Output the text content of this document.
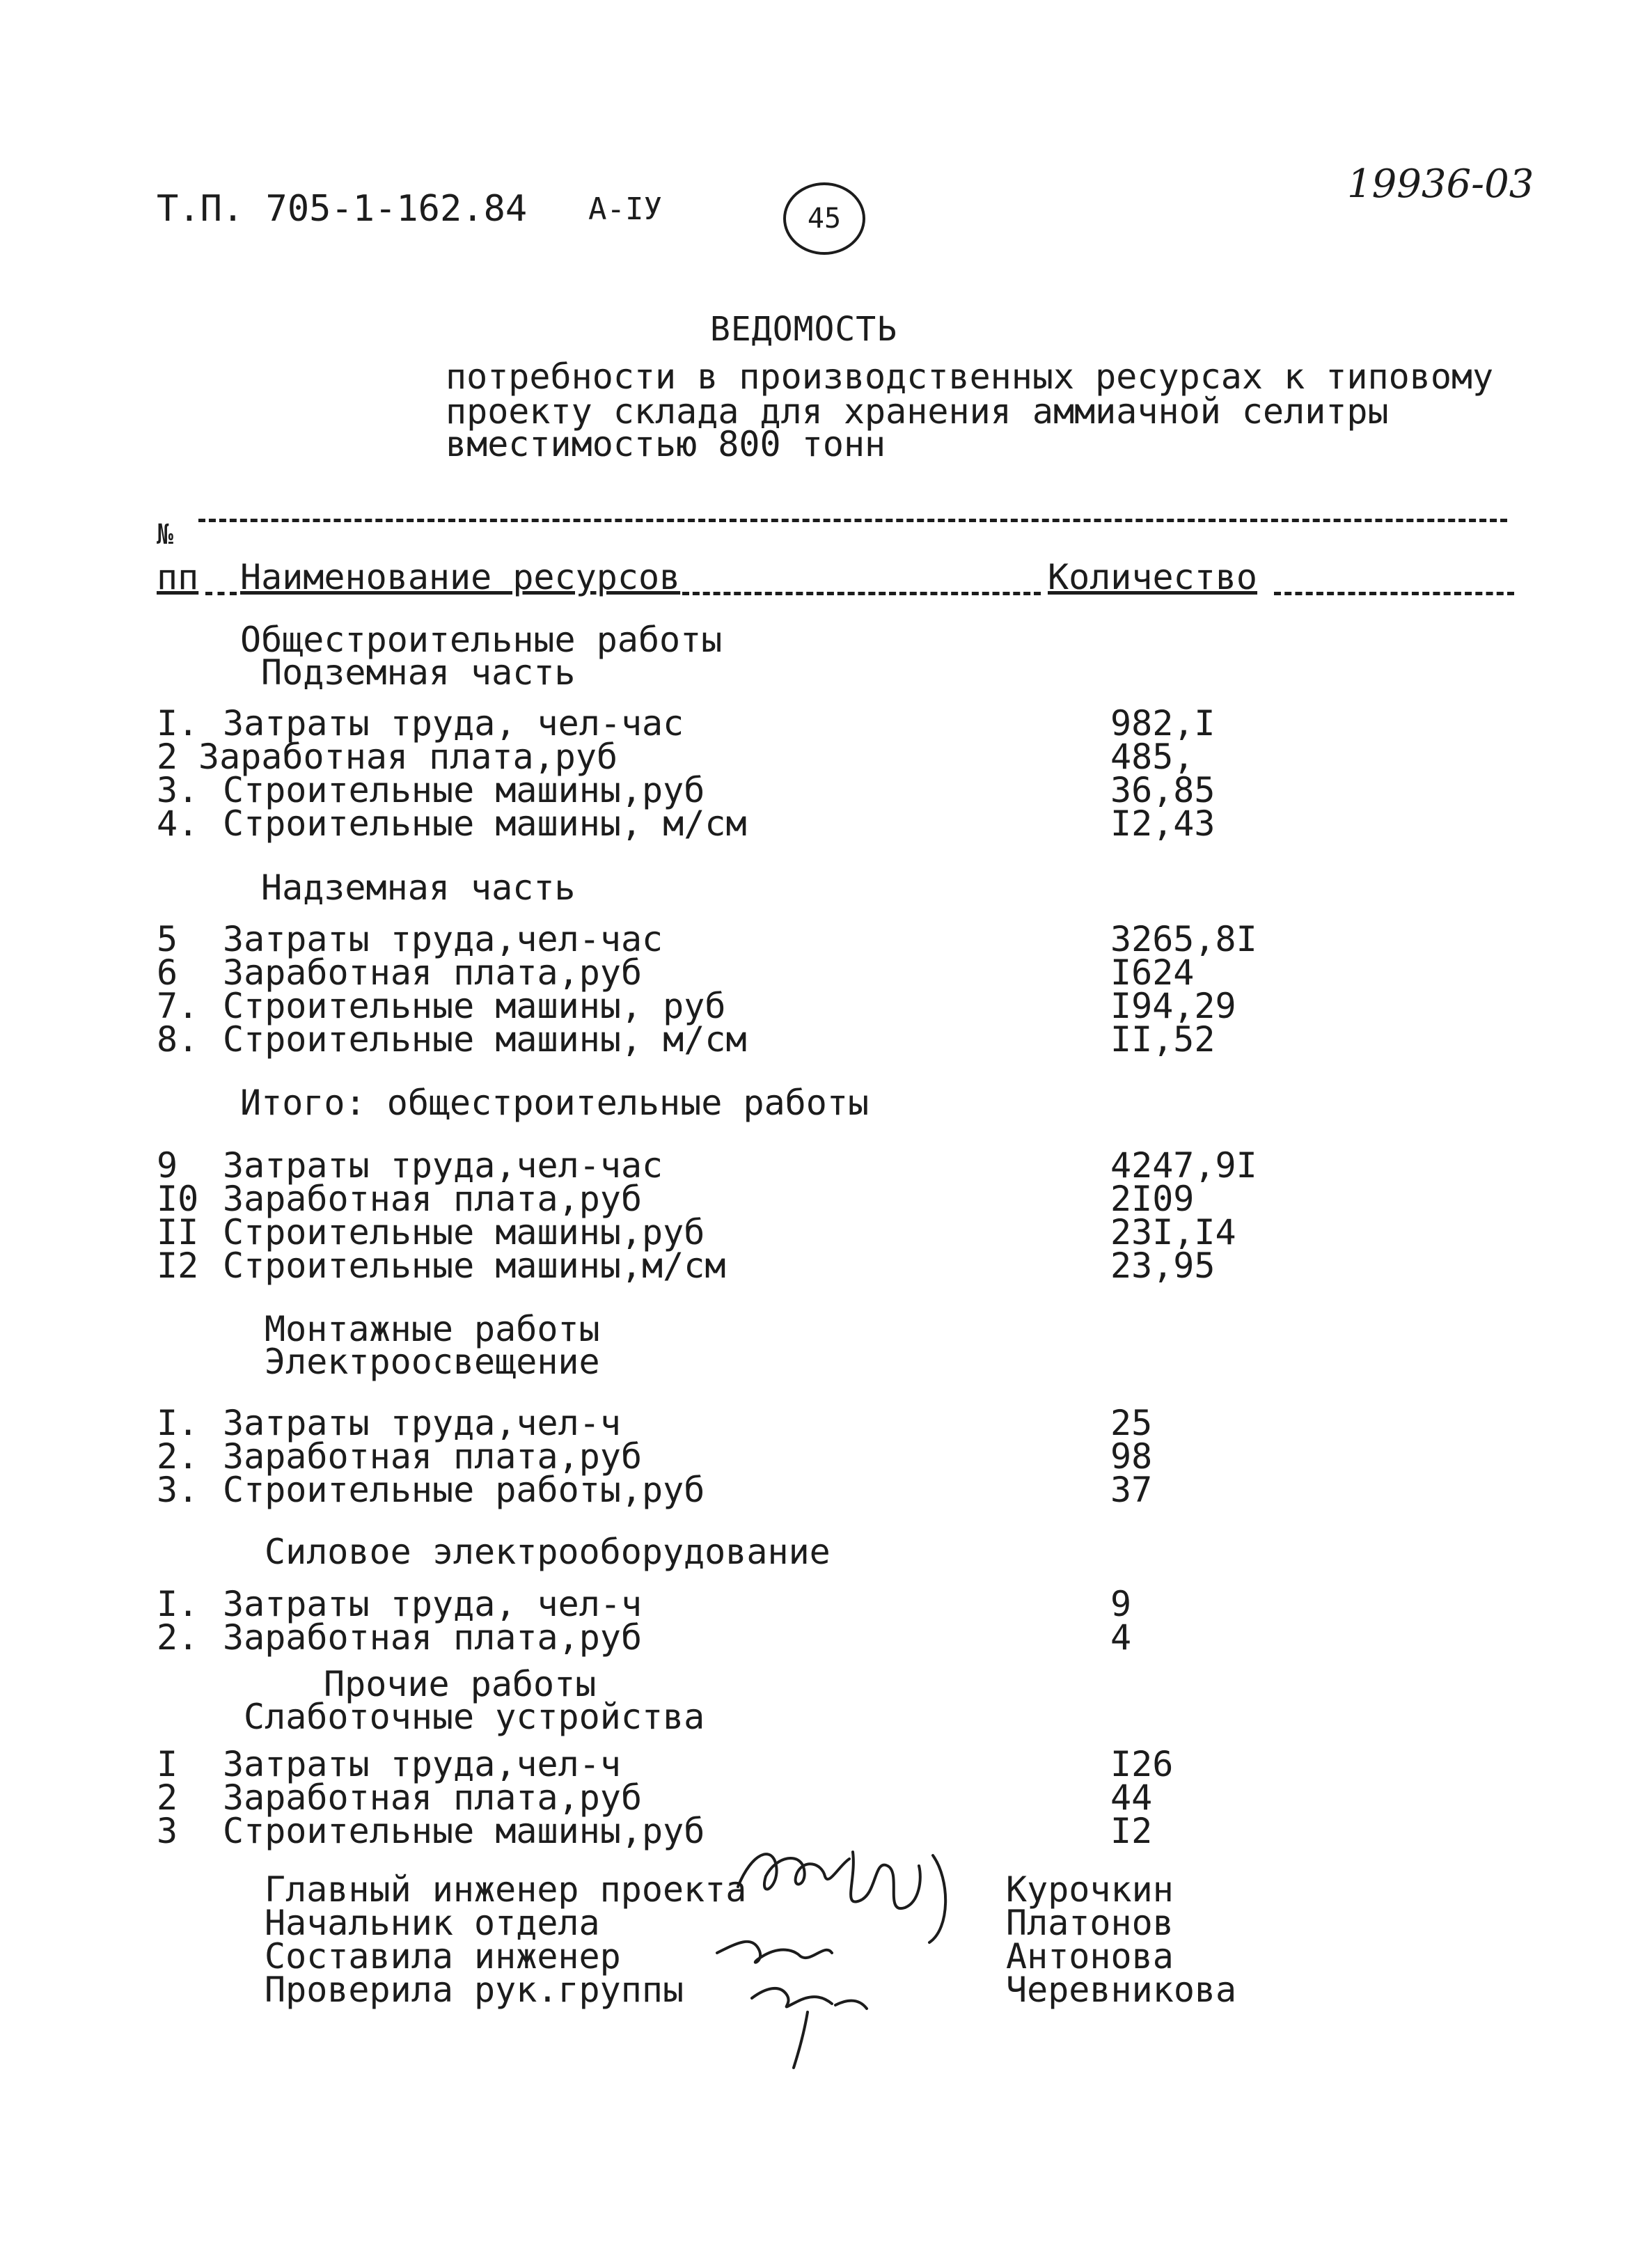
Т.П. 705-1-162.84 А-IУ	45
19936-03
ВЕДОМОСТЬ
потребности в производственных ресурсах к типовому
проекту склада для хранения аммиачной селитры
вместимостью 800 тонн
№
пп Наименование ресурсов	Количество
Общестроительные работы
Подземная часть
I. Затраты труда, чел-час	982,I
2 Заработная плата,руб	485,
3. Строительные машины,руб	36,85
4. Строительные машины, м/см	I2,43
Надземная часть
5 Затраты труда,чел-час	3265,8I
6 Заработная плата,руб	I624
7. Строительные машины, руб	I94,29
8. Строительные машины, м/см	II,52
Итого: общестроительные работы
9 Затраты труда,чел-час	4247,9I
I0 Заработная плата,руб	2I09
II Строительные машины,руб	23I,I4
I2 Строительные машины,м/см	23,95
Монтажные работы
Электроосвещение
I. Затраты труда,чел-ч	25
2. Заработная плата,руб	98
3. Строительные работы,руб	37
Силовое электрооборудование
I. Затраты труда, чел-ч	9
2. Заработная плата,руб	4
Прочие работы
Слаботочные устройства
I Затраты труда,чел-ч	I26
2 Заработная плата,руб	44
3 Строительные машины,руб	I2
Главный инженер проекта	Курочкин
Начальник отдела	Платонов
Составила инженер	Антонова
Проверила рук.группы	Черевникова
